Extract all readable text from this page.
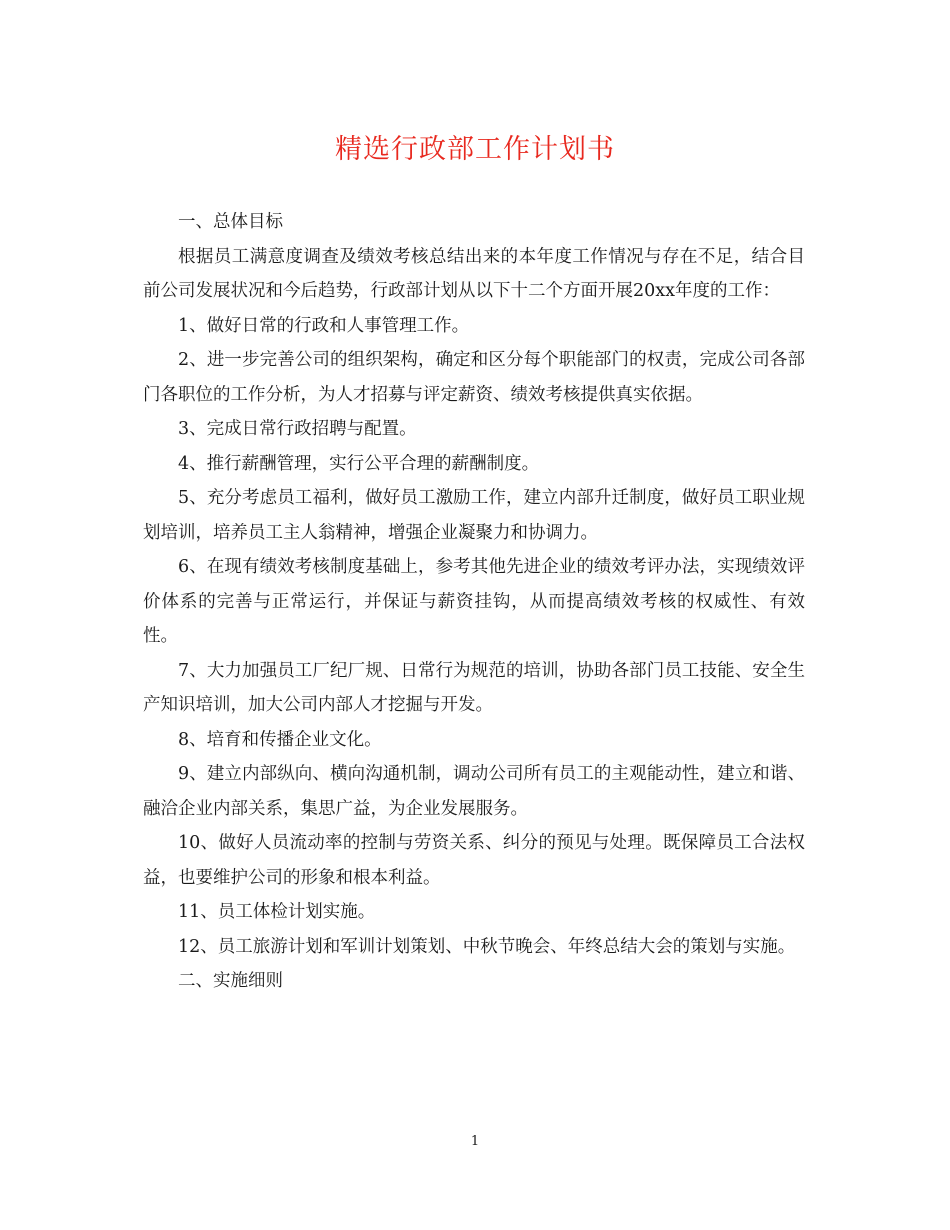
精选行政部工作计划书

一、总体目标

根据员工满意度调查及绩效考核总结出来的本年度工作情况与存在不足，结合目前公司发展状况和今后趋势，行政部计划从以下十二个方面开展20xx年度的工作：

1、做好日常的行政和人事管理工作。

2、进一步完善公司的组织架构，确定和区分每个职能部门的权责，完成公司各部门各职位的工作分析，为人才招募与评定薪资、绩效考核提供真实依据。

3、完成日常行政招聘与配置。

4、推行薪酬管理，实行公平合理的薪酬制度。

5、充分考虑员工福利，做好员工激励工作，建立内部升迁制度，做好员工职业规划培训，培养员工主人翁精神，增强企业凝聚力和协调力。

6、在现有绩效考核制度基础上，参考其他先进企业的绩效考评办法，实现绩效评价体系的完善与正常运行，并保证与薪资挂钩，从而提高绩效考核的权威性、有效性。

7、大力加强员工厂纪厂规、日常行为规范的培训，协助各部门员工技能、安全生产知识培训，加大公司内部人才挖掘与开发。

8、培育和传播企业文化。

9、建立内部纵向、横向沟通机制，调动公司所有员工的主观能动性，建立和谐、融洽企业内部关系，集思广益，为企业发展服务。

10、做好人员流动率的控制与劳资关系、纠分的预见与处理。既保障员工合法权益，也要维护公司的形象和根本利益。

11、员工体检计划实施。

12、员工旅游计划和军训计划策划、中秋节晚会、年终总结大会的策划与实施。

二、实施细则

1
